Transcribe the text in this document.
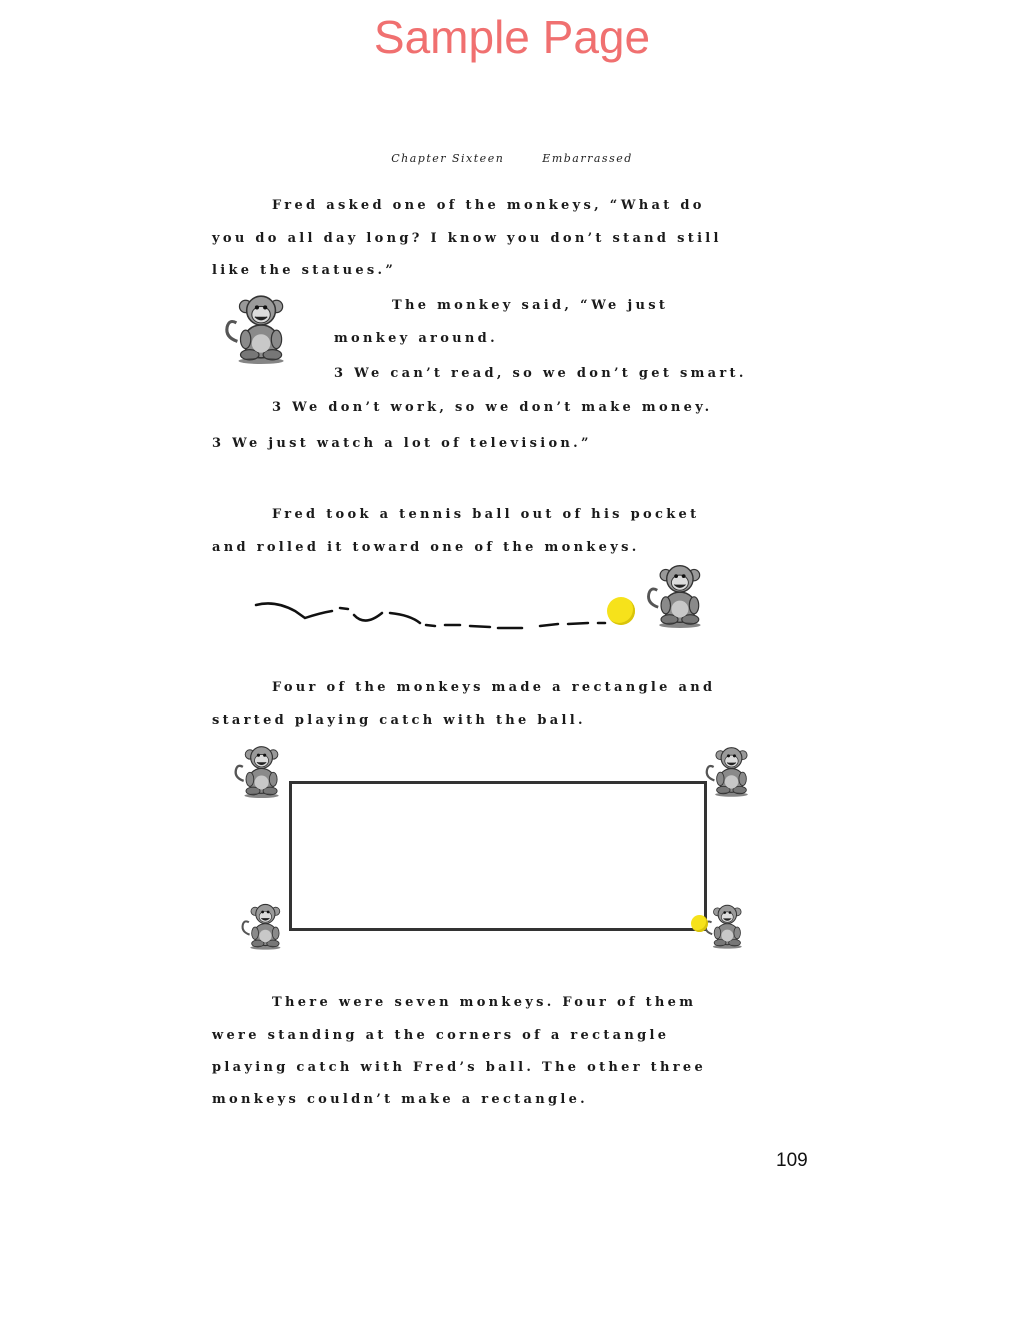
Sample Page
Chapter Sixteen	Embarrassed
Fred asked one of the monkeys, “What do
you do all day long? I know you don’t stand still
like the statues.”
The monkey said, “We just
monkey around.
3 We can’t read, so we don’t get smart.
3 We don’t work, so we don’t make money.
3 We just watch a lot of television.”
Fred took a tennis ball out of his pocket
and rolled it toward one of the monkeys.
Four of the monkeys made a rectangle and
started playing catch with the ball.
There were seven monkeys. Four of them
were standing at the corners of a rectangle
playing catch with Fred’s ball. The other three
monkeys couldn’t make a rectangle.
109
